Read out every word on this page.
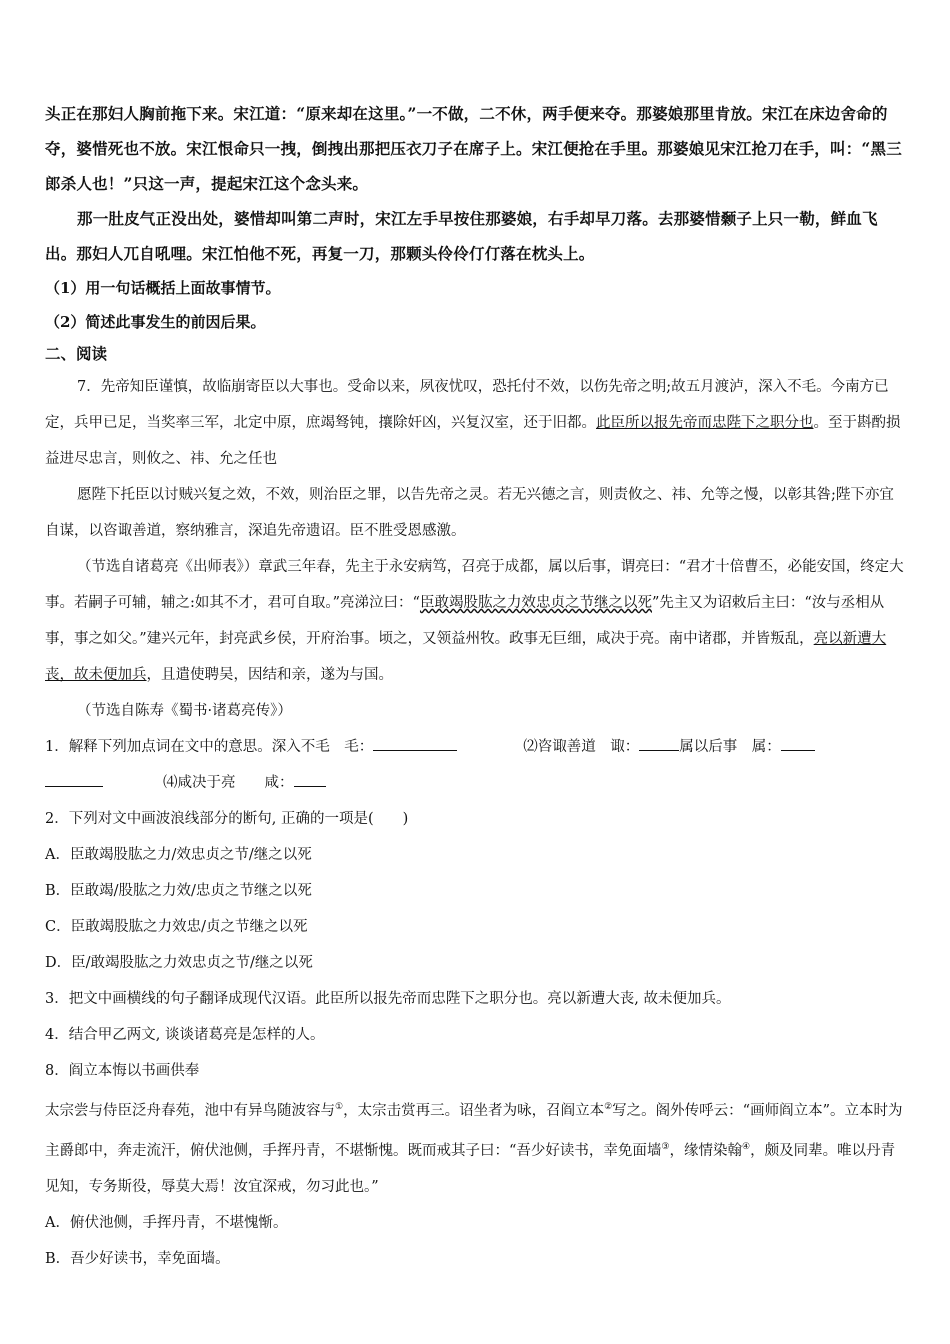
头正在那妇人胸前拖下来。宋江道：“原来却在这里。”一不做，二不休，两手便来夺。那婆娘那里肯放。宋江在床边舍命的夺，婆惜死也不放。宋江恨命只一拽，倒拽出那把压衣刀子在席子上。宋江便抢在手里。那婆娘见宋江抢刀在手，叫：“黑三郎杀人也！”只这一声，提起宋江这个念头来。

那一肚皮气正没出处，婆惜却叫第二声时，宋江左手早按住那婆娘，右手却早刀落。去那婆惜颡子上只一勒，鲜血飞出。那妇人兀自吼哩。宋江怕他不死，再复一刀，那颗头伶伶仃仃落在枕头上。

（1）用一句话概括上面故事情节。

（2）简述此事发生的前因后果。

二、阅读

7．先帝知臣谨慎，故临崩寄臣以大事也。受命以来，夙夜忧叹，恐托付不效，以伤先帝之明;故五月渡泸，深入不毛。今南方已定，兵甲已足，当奖率三军，北定中原，庶竭驽钝，攘除奸凶，兴复汉室，还于旧都。此臣所以报先帝而忠陛下之职分也。至于斟酌损益进尽忠言，则攸之、祎、允之任也

愿陛下托臣以讨贼兴复之效，不效，则治臣之罪，以告先帝之灵。若无兴德之言，则责攸之、祎、允等之慢，以彰其咎;陛下亦宜自谋，以咨诹善道，察纳雅言，深追先帝遗诏。臣不胜受恩感激。

（节选自诸葛亮《出师表》）章武三年春，先主于永安病笃，召亮于成都，属以后事，谓亮曰：“君才十倍曹丕，必能安国，终定大事。若嗣子可辅，辅之:如其不才，君可自取。”亮涕泣曰：“臣敢竭股肱之力效忠贞之节继之以死”先主又为诏敕后主曰：“汝与丞相从事，事之如父。”建兴元年，封亮武乡侯，开府治事。顷之，又领益州牧。政事无巨细，咸决于亮。南中诸郡，并皆叛乱，亮以新遭大丧，故未便加兵，且遣使聘吴，因结和亲，遂为与国。

（节选自陈寿《蜀书·诸葛亮传》）

1．解释下列加点词在文中的意思。深入不毛　毛：	⑵咨诹善道　诹：	属以后事　属：
⑷咸决于亮　　咸：

2．下列对文中画波浪线部分的断句, 正确的一项是(　　)

A．臣敢竭股肱之力/效忠贞之节/继之以死

B．臣敢竭/股肱之力效/忠贞之节继之以死

C．臣敢竭股肱之力效忠/贞之节继之以死

D．臣/敢竭股肱之力效忠贞之节/继之以死

3．把文中画横线的句子翻译成现代汉语。此臣所以报先帝而忠陛下之职分也。亮以新遭大丧, 故未便加兵。

4．结合甲乙两文, 谈谈诸葛亮是怎样的人。

8．阎立本悔以书画供奉

太宗尝与侍臣泛舟春苑，池中有异鸟随波容与①，太宗击赏再三。诏坐者为咏，召阎立本②写之。阁外传呼云：“画师阎立本”。立本时为主爵郎中，奔走流汗，俯伏池侧，手挥丹青，不堪惭愧。既而戒其子曰：“吾少好读书，幸免面墙③，缘情染翰④，颇及同辈。唯以丹青见知，专务斯役，辱莫大焉！汝宜深戒，勿习此也。”

A．俯伏池侧，手挥丹青，不堪愧惭。

B．吾少好读书，幸免面墙。
